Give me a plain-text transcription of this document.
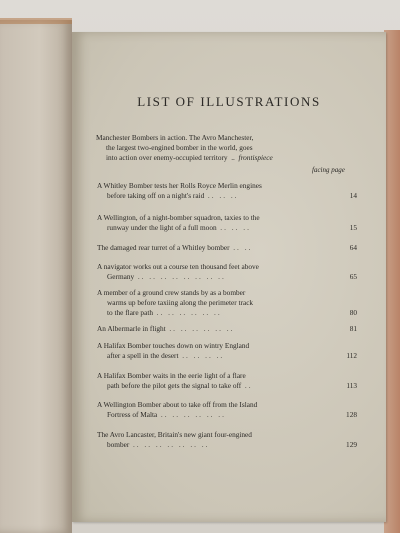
LIST OF ILLUSTRATIONS
Manchester Bombers in action. The Avro Manchester,

the largest two-engined bomber in the world, goes
into action over enemy-occupied territory .. frontispiece
facing page
A Whitley Bomber tests her Rolls Royce Merlin engines
before taking off on a night's raid .. .. ..	14
A Wellington, of a night-bomber squadron, taxies to the
runway under the light of a full moon .. .. ..	15
The damaged rear turret of a Whitley bomber .. ..	64
A navigator works out a course ten thousand feet above
Germany .. .. .. .. .. .. .. ..	65
A member of a ground crew stands by as a bomber
warms up before taxiing along the perimeter track
to the flare path .. .. .. .. .. ..	80
An Albermarle in flight .. .. .. .. .. ..	81
A Halifax Bomber touches down on wintry England
after a spell in the desert .. .. .. ..	112
A Halifax Bomber waits in the eerie light of a flare
path before the pilot gets the signal to take off ..	113
A Wellington Bomber about to take off from the Island
Fortress of Malta .. .. .. .. .. ..	128
The Avro Lancaster, Britain's new giant four-engined
bomber .. .. .. .. .. .. ..	129
